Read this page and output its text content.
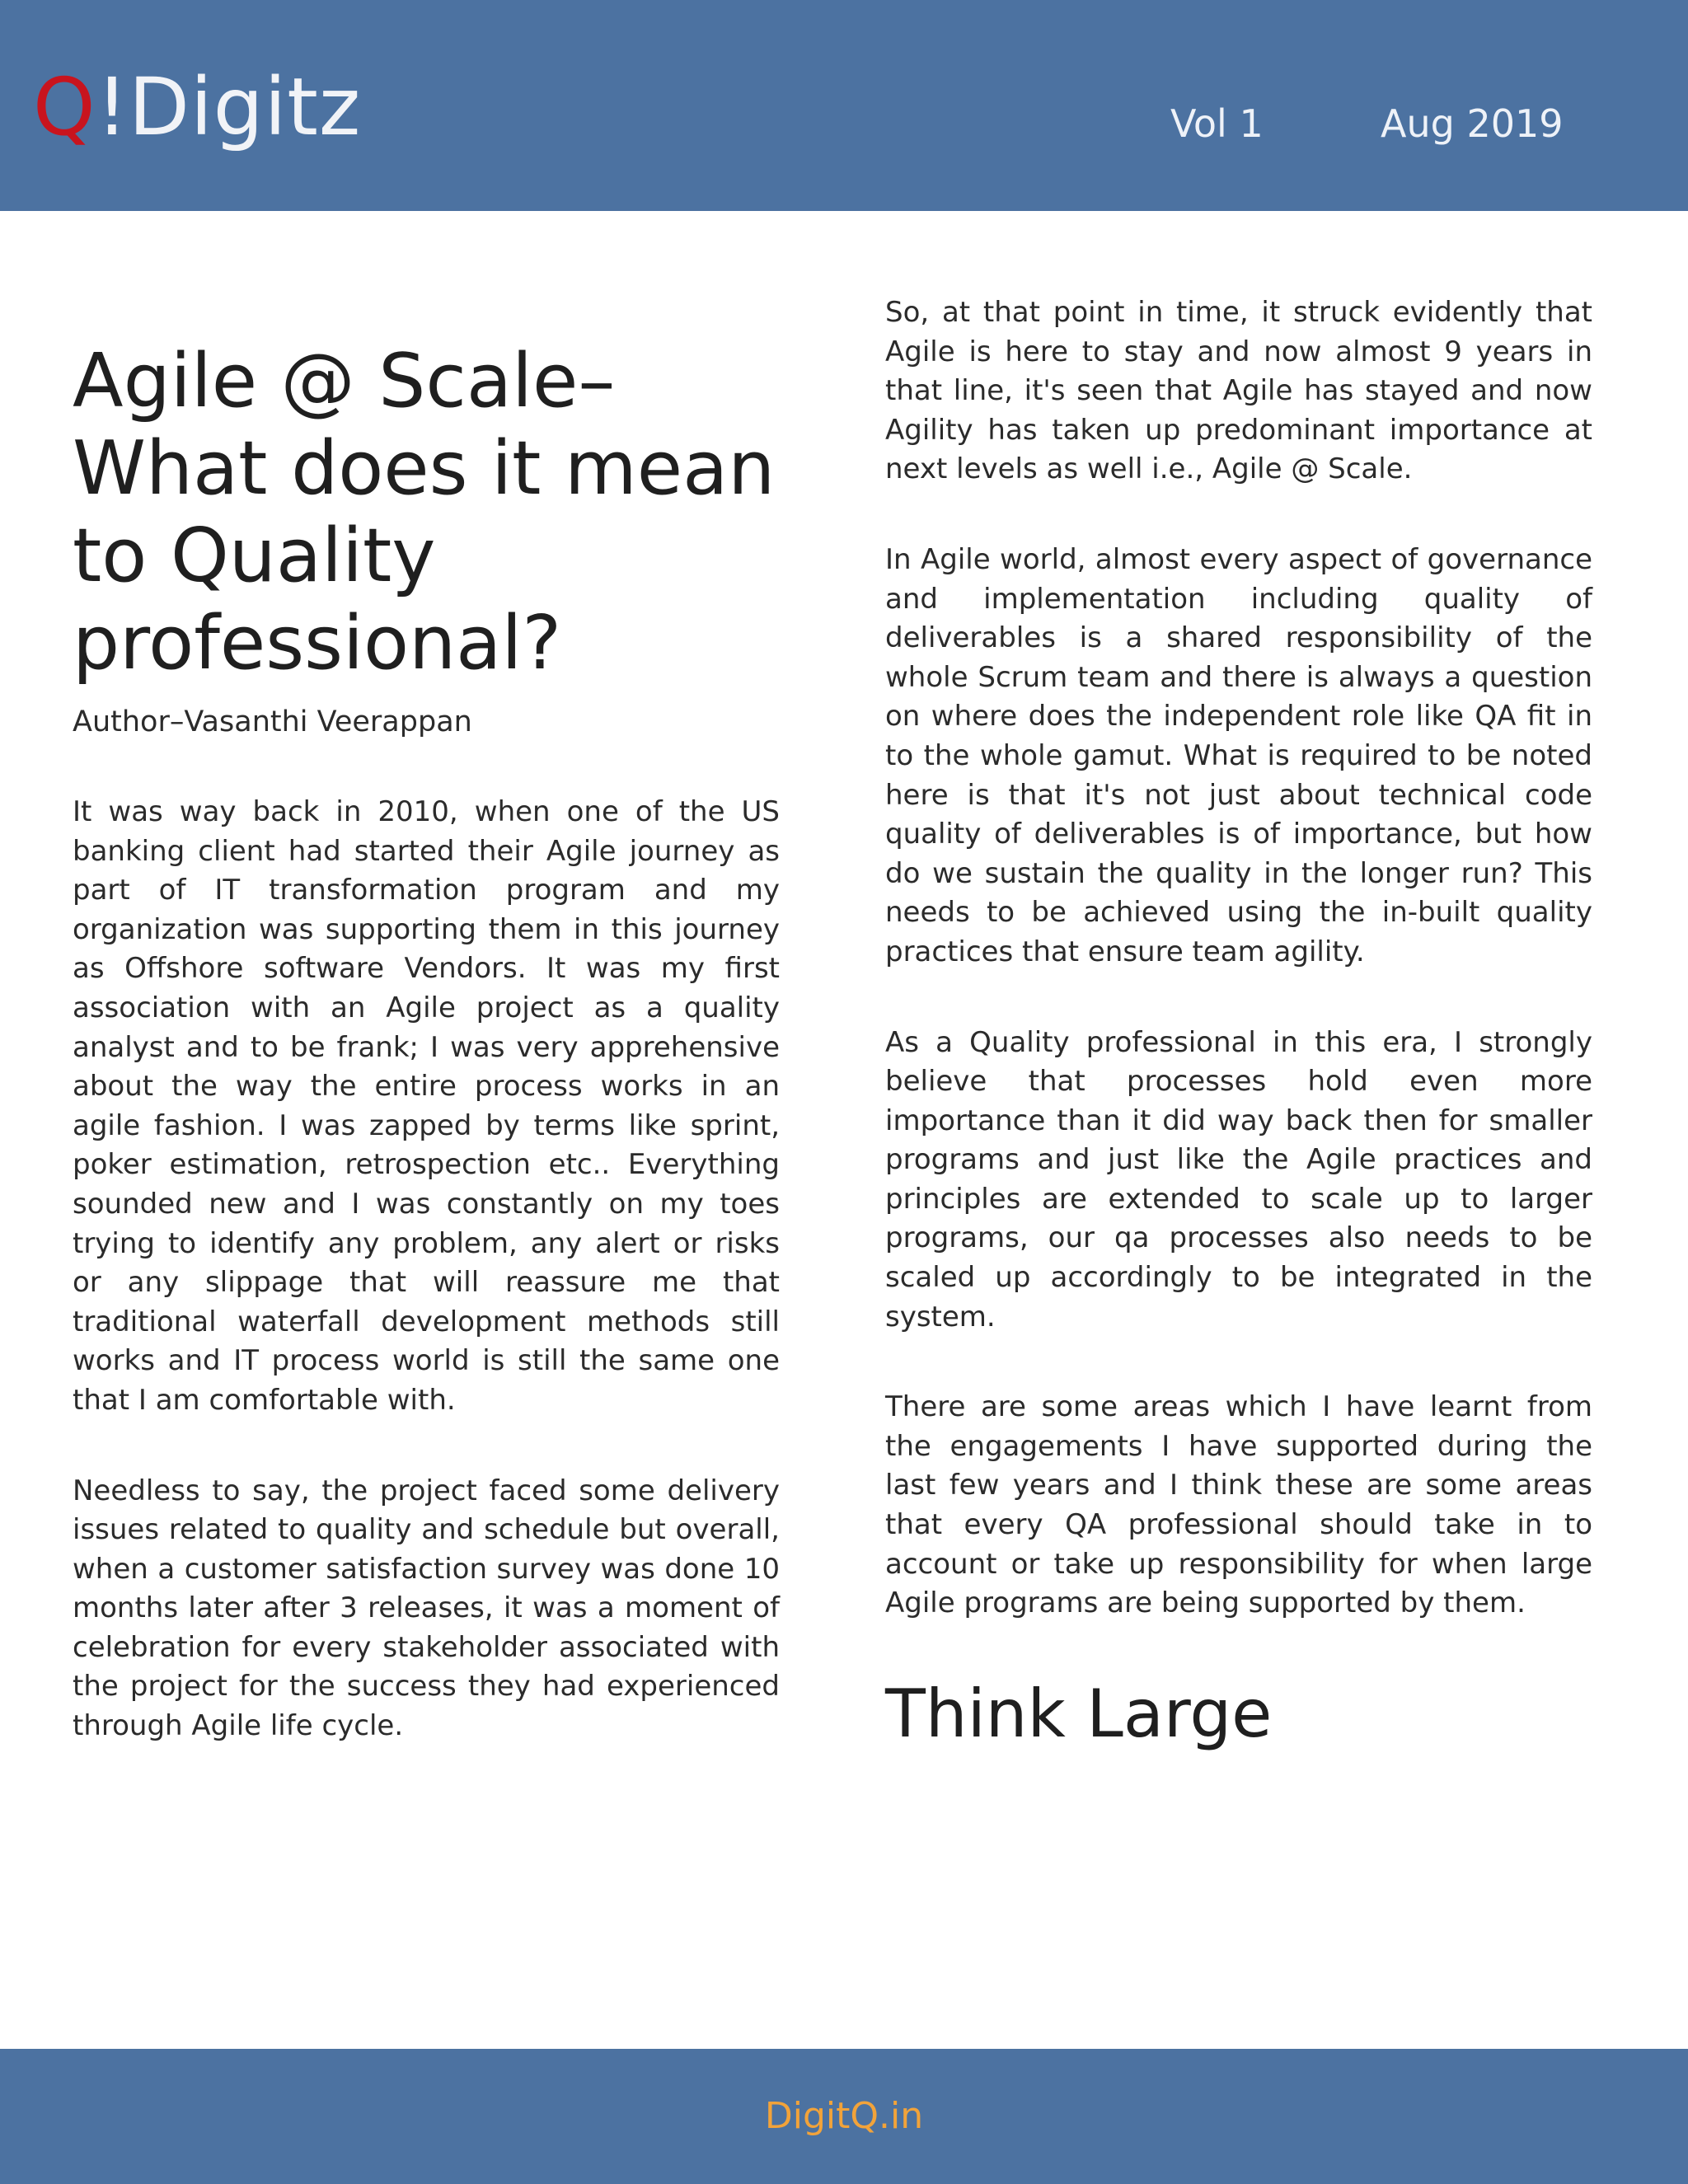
Q!Digitz	Vol 1	Aug 2019
Agile @ Scale– What does it mean to Quality professional?

Author–Vasanthi Veerappan

It was way back in 2010, when one of the US banking client had started their Agile journey as part of IT transformation program and my organization was supporting them in this journey as Offshore software Vendors. It was my first association with an Agile project as a quality analyst and to be frank; I was very apprehensive about the way the entire process works in an agile fashion. I was zapped by terms like sprint, poker estimation, retrospection etc.. Everything sounded new and I was constantly on my toes trying to identify any problem, any alert or risks or any slippage that will reassure me that traditional waterfall development methods still works and IT process world is still the same one that I am comfortable with.

Needless to say, the project faced some delivery issues related to quality and schedule but overall, when a customer satisfaction survey was done 10 months later after 3 releases, it was a moment of celebration for every stakeholder associated with the project for the success they had experienced through Agile life cycle.

So, at that point in time, it struck evidently that Agile is here to stay and now almost 9 years in that line, it's seen that Agile has stayed and now Agility has taken up predominant importance at next levels as well i.e., Agile @ Scale.

In Agile world, almost every aspect of governance and implementation including quality of deliverables is a shared responsibility of the whole Scrum team and there is always a question on where does the independent role like QA fit in to the whole gamut. What is required to be noted here is that it's not just about technical code quality of deliverables is of importance, but how do we sustain the quality in the longer run? This needs to be achieved using the in-built quality practices that ensure team agility.

As a Quality professional in this era, I strongly believe that processes hold even more importance than it did way back then for smaller programs and just like the Agile practices and principles are extended to scale up to larger programs, our qa processes also needs to be scaled up accordingly to be integrated in the system.

There are some areas which I have learnt from the engagements I have supported during the last few years and I think these are some areas that every QA professional should take in to account or take up responsibility for when large Agile programs are being supported by them.

Think Large
DigitQ.in
